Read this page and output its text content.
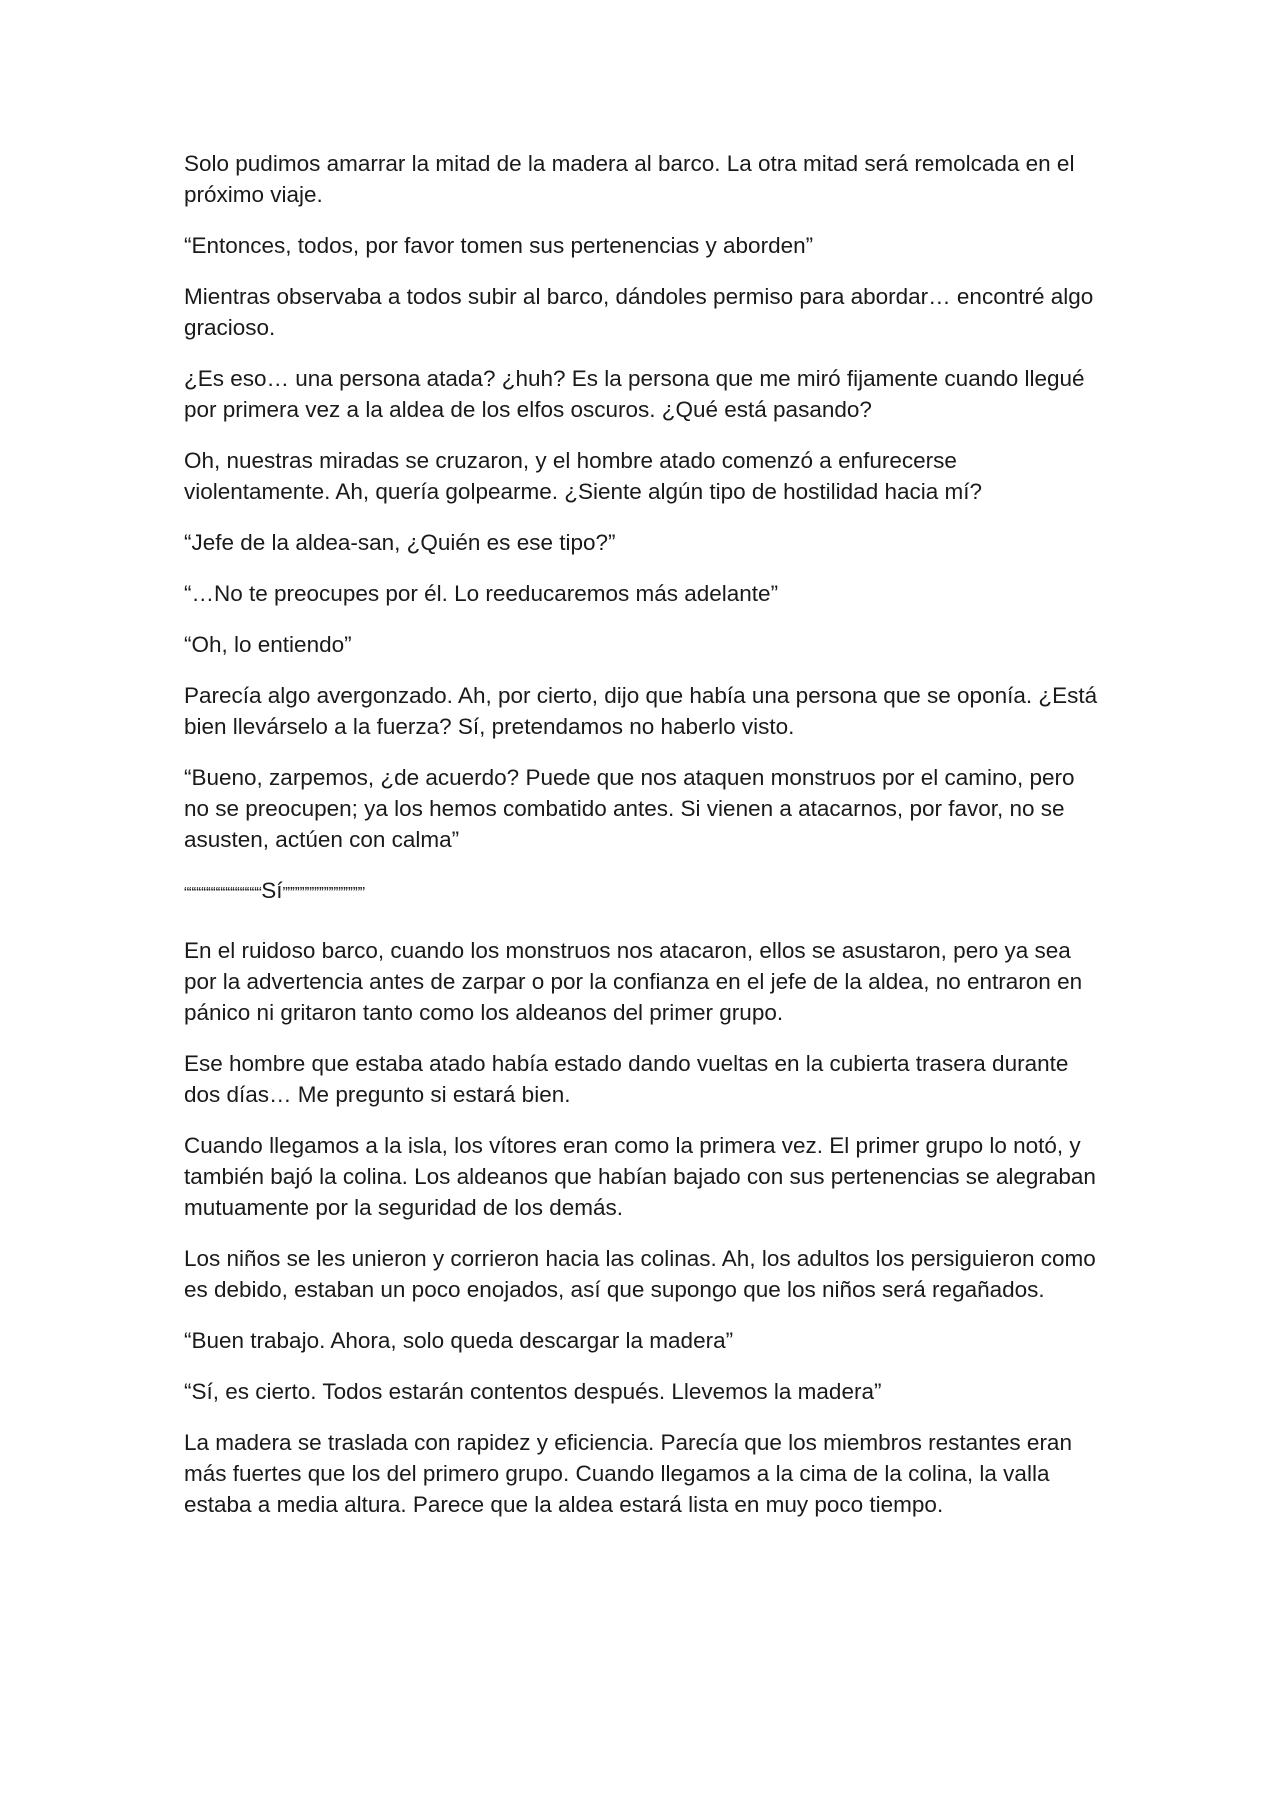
Solo pudimos amarrar la mitad de la madera al barco. La otra mitad será remolcada en el próximo viaje.

“Entonces, todos, por favor tomen sus pertenencias y aborden”

Mientras observaba a todos subir al barco, dándoles permiso para abordar… encontré algo gracioso.

¿Es eso… una persona atada? ¿huh? Es la persona que me miró fijamente cuando llegué por primera vez a la aldea de los elfos oscuros. ¿Qué está pasando?

Oh, nuestras miradas se cruzaron, y el hombre atado comenzó a enfurecerse violentamente. Ah, quería golpearme. ¿Siente algún tipo de hostilidad hacia mí?

“Jefe de la aldea-san, ¿Quién es ese tipo?”

“…No te preocupes por él. Lo reeducaremos más adelante”

“Oh, lo entiendo”

Parecía algo avergonzado. Ah, por cierto, dijo que había una persona que se oponía. ¿Está bien llevárselo a la fuerza? Sí, pretendamos no haberlo visto.

“Bueno, zarpemos, ¿de acuerdo? Puede que nos ataquen monstruos por el camino, pero no se preocupen; ya los hemos combatido antes. Si vienen a atacarnos, por favor, no se asusten, actúen con calma”

““““““““““““““““Sí”””””””””””””””””

En el ruidoso barco, cuando los monstruos nos atacaron, ellos se asustaron, pero ya sea por la advertencia antes de zarpar o por la confianza en el jefe de la aldea, no entraron en pánico ni gritaron tanto como los aldeanos del primer grupo.

Ese hombre que estaba atado había estado dando vueltas en la cubierta trasera durante dos días… Me pregunto si estará bien.

Cuando llegamos a la isla, los vítores eran como la primera vez. El primer grupo lo notó, y también bajó la colina. Los aldeanos que habían bajado con sus pertenencias se alegraban mutuamente por la seguridad de los demás.

Los niños se les unieron y corrieron hacia las colinas. Ah, los adultos los persiguieron como es debido, estaban un poco enojados, así que supongo que los niños será regañados.

“Buen trabajo. Ahora, solo queda descargar la madera”

“Sí, es cierto. Todos estarán contentos después. Llevemos la madera”

La madera se traslada con rapidez y eficiencia. Parecía que los miembros restantes eran más fuertes que los del primero grupo. Cuando llegamos a la cima de la colina, la valla estaba a media altura. Parece que la aldea estará lista en muy poco tiempo.
